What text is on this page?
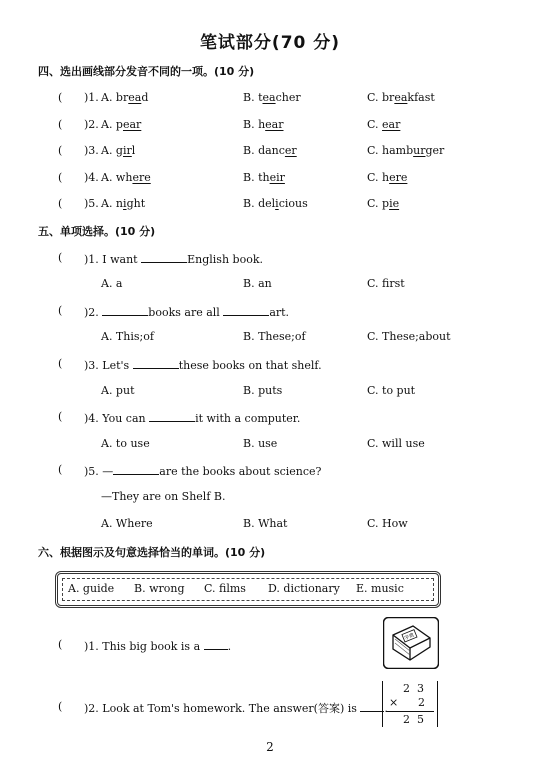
笔试部分(70 分)
四、选出画线部分发音不同的一项。(10 分)
( )1. A. bread	B. teacher	C. breakfast
( )2. A. pear	B. hear	C. ear
( )3. A. girl	B. dancer	C. hamburger
( )4. A. where	B. their	C. here
( )5. A. night	B. delicious	C. pie
五、单项选择。(10 分)
( )1. I want	English book.
A. a	B. an	C. first
( )2.	books are all	art.
A. This;of	B. These;of	C. These;about
( )3. Let's	these books on that shelf.
A. put	B. puts	C. to put
( )4. You can	it with a computer.
A. to use	B. use	C. will use
( )5. —	are the books about science?
—They are on Shelf B.
A. Where	B. What	C. How
六、根据图示及句意选择恰当的单词。(10 分)
A. guide B. wrong C. films D. dictionary E. music
( )1. This big book is a	.
字典
( )2. Look at Tom's homework. The answer(答案) is	.
2  3
× 2
2  5
2
